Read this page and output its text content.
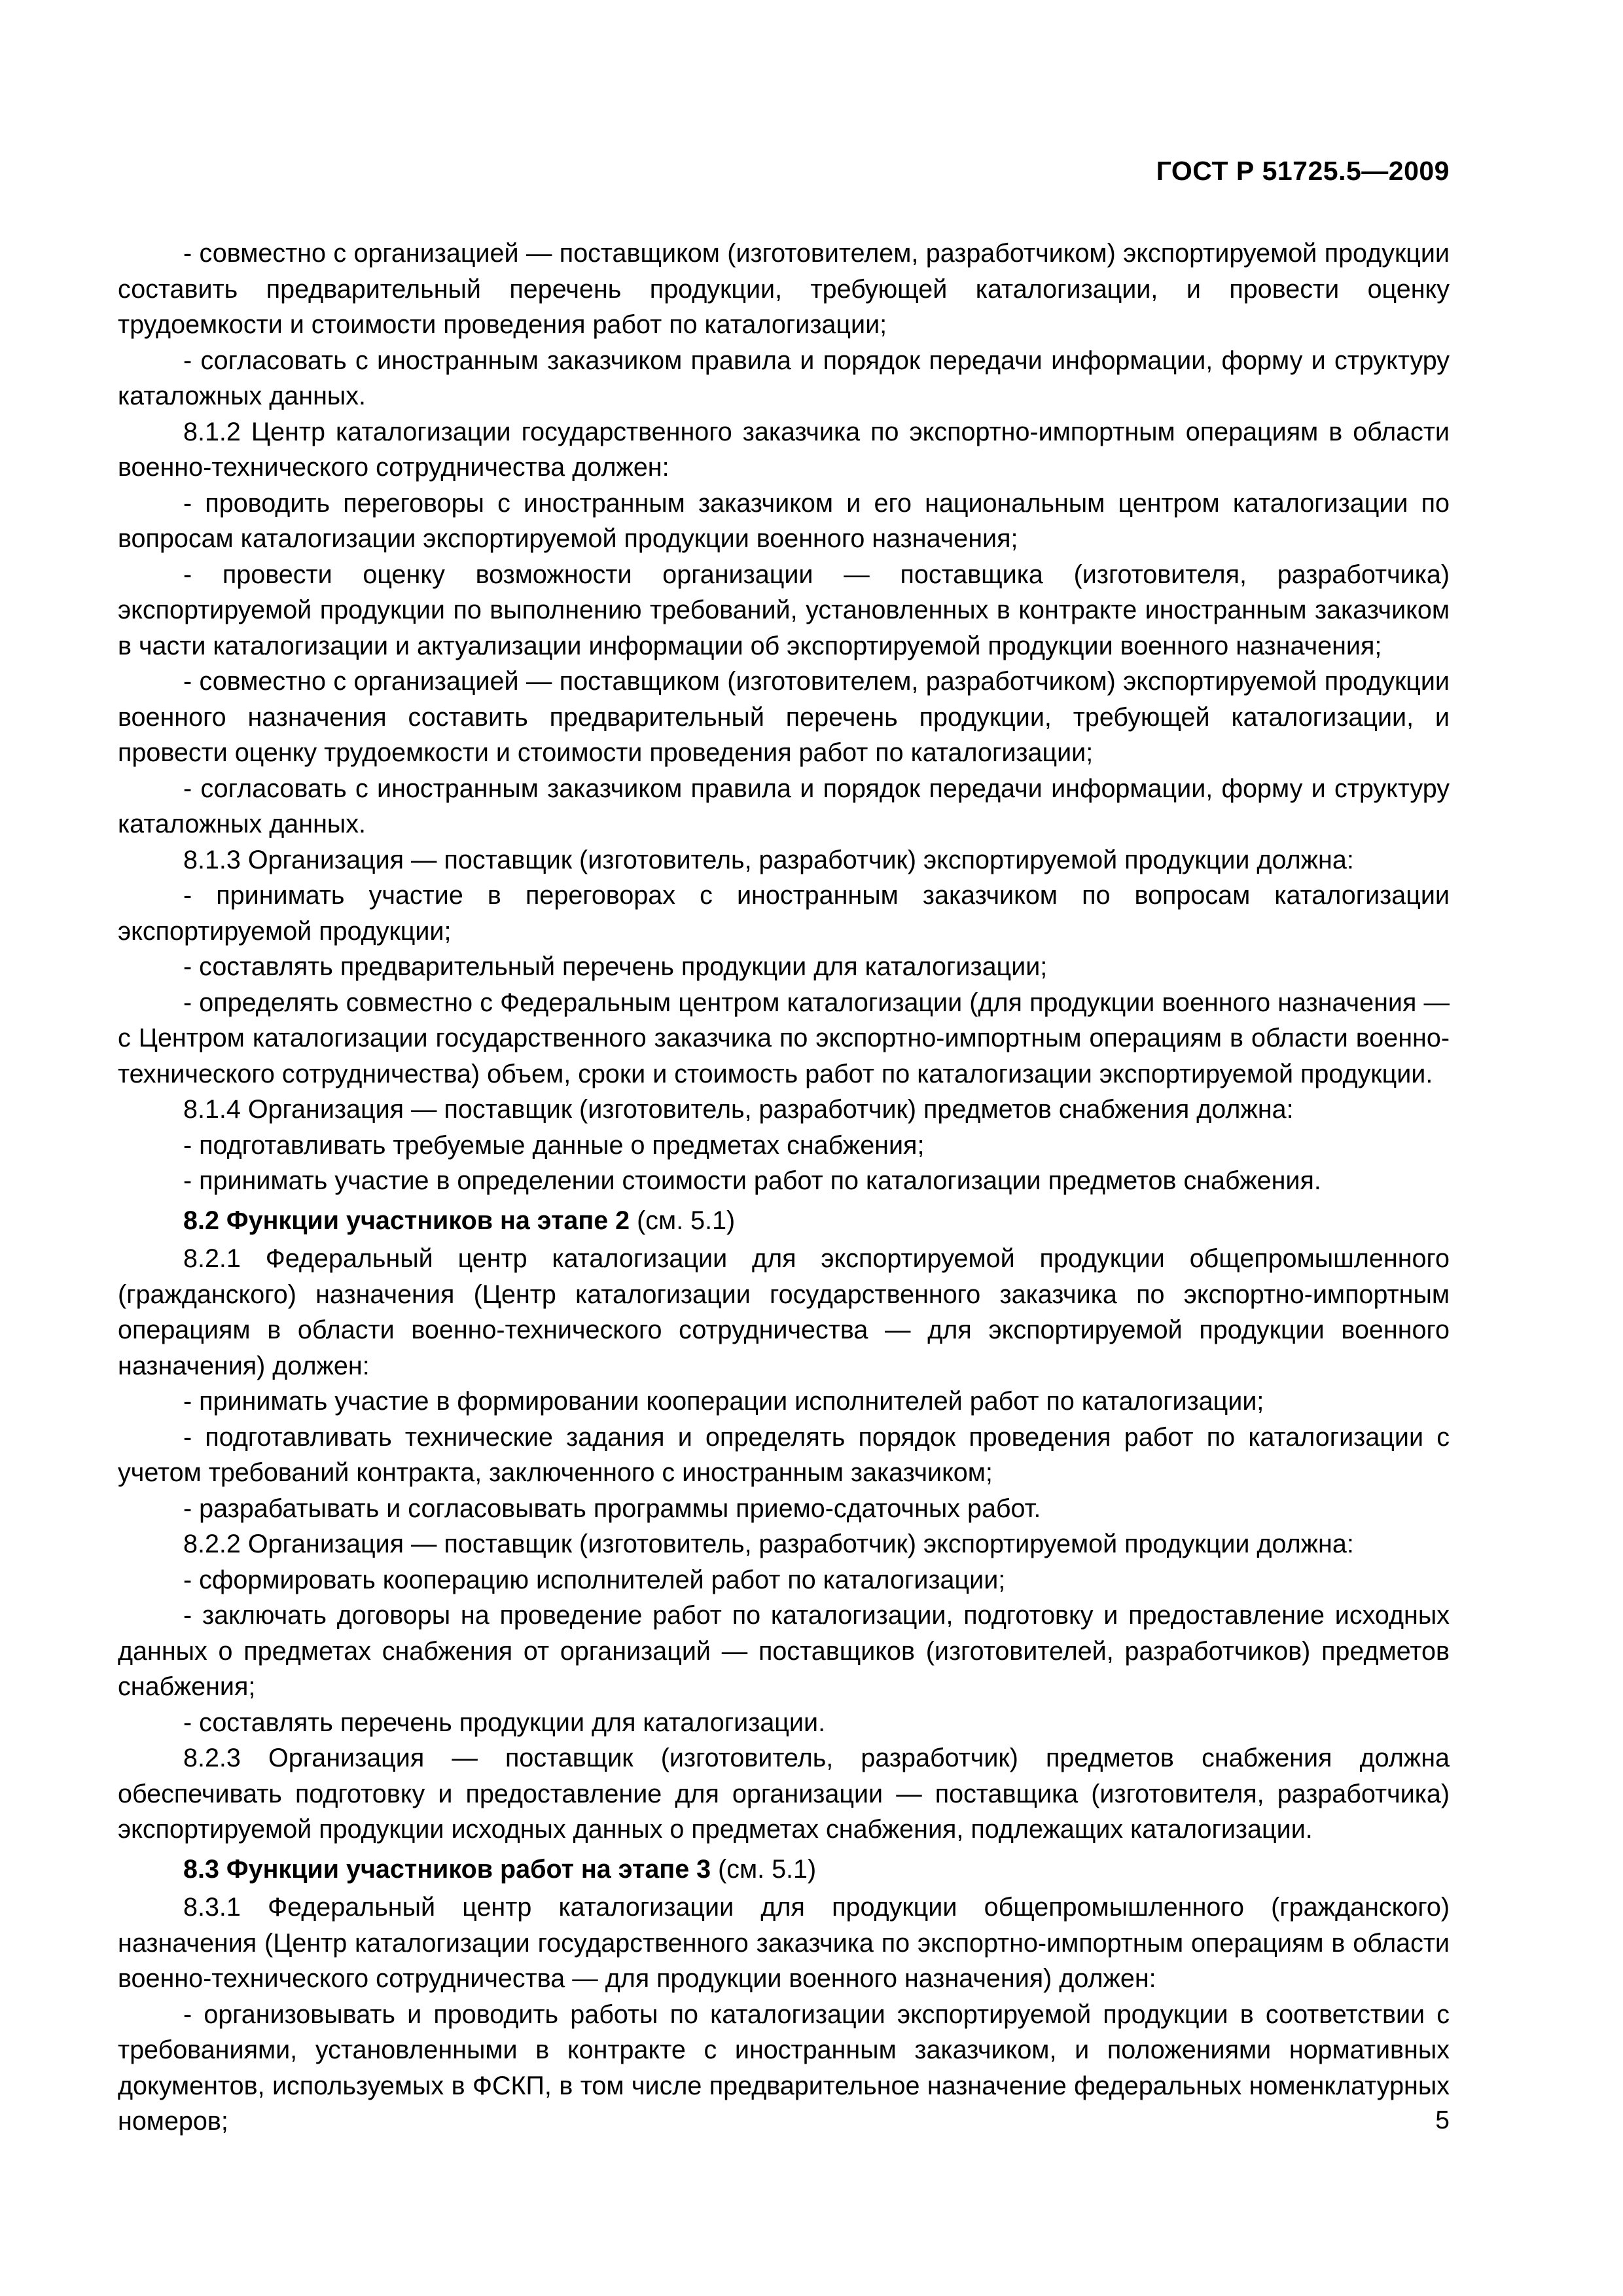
ГОСТ Р 51725.5—2009

- совместно с организацией — поставщиком (изготовителем, разработчиком) экспортируемой продукции составить предварительный перечень продукции, требующей каталогизации, и провести оценку трудоемкости и стоимости проведения работ по каталогизации;

- согласовать с иностранным заказчиком правила и порядок передачи информации, форму и структуру каталожных данных.

8.1.2 Центр каталогизации государственного заказчика по экспортно-импортным операциям в области военно-технического сотрудничества должен:

- проводить переговоры с иностранным заказчиком и его национальным центром каталогизации по вопросам каталогизации экспортируемой продукции военного назначения;

- провести оценку возможности организации — поставщика (изготовителя, разработчика) экспортируемой продукции по выполнению требований, установленных в контракте иностранным заказчиком в части каталогизации и актуализации информации об экспортируемой продукции военного назначения;

- совместно с организацией — поставщиком (изготовителем, разработчиком) экспортируемой продукции военного назначения составить предварительный перечень продукции, требующей каталогизации, и провести оценку трудоемкости и стоимости проведения работ по каталогизации;

- согласовать с иностранным заказчиком правила и порядок передачи информации, форму и структуру каталожных данных.

8.1.3 Организация — поставщик (изготовитель, разработчик) экспортируемой продукции должна:

- принимать участие в переговорах с иностранным заказчиком по вопросам каталогизации экспортируемой продукции;

- составлять предварительный перечень продукции для каталогизации;

- определять совместно с Федеральным центром каталогизации (для продукции военного назначения — с Центром каталогизации государственного заказчика по экспортно-импортным операциям в области военно-технического сотрудничества) объем, сроки и стоимость работ по каталогизации экспортируемой продукции.

8.1.4 Организация — поставщик (изготовитель, разработчик) предметов снабжения должна:

- подготавливать требуемые данные о предметах снабжения;

- принимать участие в определении стоимости работ по каталогизации предметов снабжения.

8.2 Функции участников на этапе 2 (см. 5.1)

8.2.1 Федеральный центр каталогизации для экспортируемой продукции общепромышленного (гражданского) назначения (Центр каталогизации государственного заказчика по экспортно-импортным операциям в области военно-технического сотрудничества — для экспортируемой продукции военного назначения) должен:

- принимать участие в формировании кооперации исполнителей работ по каталогизации;

- подготавливать технические задания и определять порядок проведения работ по каталогизации с учетом требований контракта, заключенного с иностранным заказчиком;

- разрабатывать и согласовывать программы приемо-сдаточных работ.

8.2.2 Организация — поставщик (изготовитель, разработчик) экспортируемой продукции должна:

- сформировать кооперацию исполнителей работ по каталогизации;

- заключать договоры на проведение работ по каталогизации, подготовку и предоставление исходных данных о предметах снабжения от организаций — поставщиков (изготовителей, разработчиков) предметов снабжения;

- составлять перечень продукции для каталогизации.

8.2.3 Организация — поставщик (изготовитель, разработчик) предметов снабжения должна обеспечивать подготовку и предоставление для организации — поставщика (изготовителя, разработчика) экспортируемой продукции исходных данных о предметах снабжения, подлежащих каталогизации.

8.3 Функции участников работ на этапе 3 (см. 5.1)

8.3.1 Федеральный центр каталогизации для продукции общепромышленного (гражданского) назначения (Центр каталогизации государственного заказчика по экспортно-импортным операциям в области военно-технического сотрудничества — для продукции военного назначения) должен:

- организовывать и проводить работы по каталогизации экспортируемой продукции в соответствии с требованиями, установленными в контракте с иностранным заказчиком, и положениями нормативных документов, используемых в ФСКП, в том числе предварительное назначение федеральных номенклатурных номеров;	5
